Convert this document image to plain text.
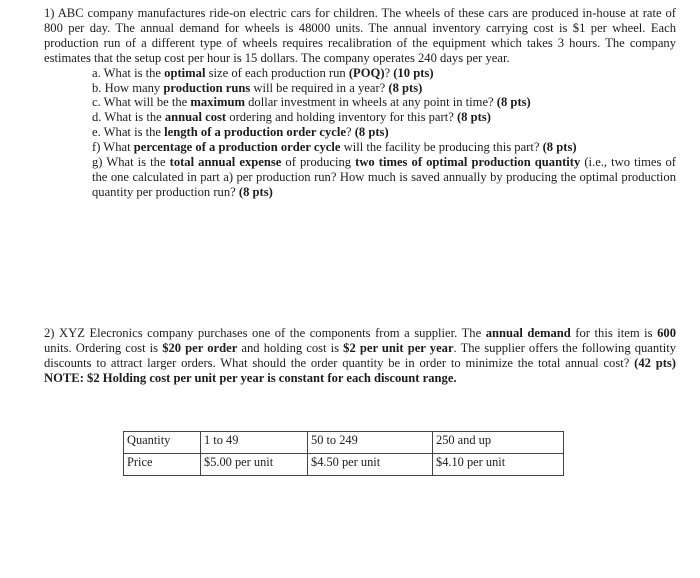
1) ABC company manufactures ride-on electric cars for children. The wheels of these cars are produced in-house at rate of 800 per day. The annual demand for wheels is 48000 units. The annual inventory carrying cost is $1 per wheel. Each production run of a different type of wheels requires recalibration of the equipment which takes 3 hours. The company estimates that the setup cost per hour is 15 dollars. The company operates 240 days per year.

a. What is the optimal size of each production run (POQ)? (10 pts)
b. How many production runs will be required in a year? (8 pts)
c. What will be the maximum dollar investment in wheels at any point in time? (8 pts)
d. What is the annual cost ordering and holding inventory for this part? (8 pts)
e. What is the length of a production order cycle? (8 pts)
f) What percentage of a production order cycle will the facility be producing this part? (8 pts)
g) What is the total annual expense of producing two times of optimal production quantity (i.e., two times of the one calculated in part a) per production run? How much is saved annually by producing the optimal production quantity per production run? (8 pts)

2) XYZ Elecronics company purchases one of the components from a supplier. The annual demand for this item is 600 units. Ordering cost is $20 per order and holding cost is $2 per unit per year. The supplier offers the following quantity discounts to attract larger orders. What should the order quantity be in order to minimize the total annual cost? (42 pts) NOTE: $2 Holding cost per unit per year is constant for each discount range.

Quantity	1 to 49	50 to 249	250 and up
Price	$5.00 per unit	$4.50 per unit	$4.10 per unit
